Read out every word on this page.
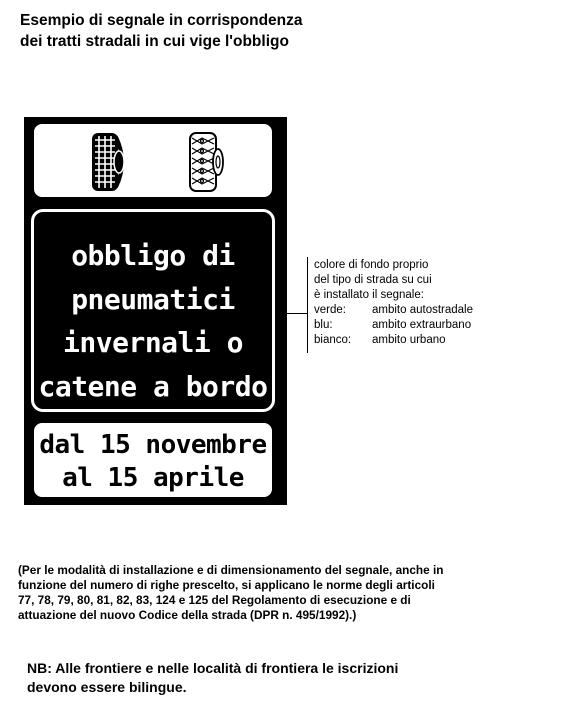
Esempio di segnale in corrispondenza
dei tratti stradali in cui vige l'obbligo
obbligo di
pneumatici
invernali o
catene a bordo
dal 15 novembre
al 15 aprile
colore di fondo proprio
del tipo di strada su cui
è installato il segnale:
verde: ambito autostradale
blu:	ambito extraurbano
bianco: ambito urbano
(Per le modalità di installazione e di dimensionamento del segnale, anche in
funzione del numero di righe prescelto, si applicano le norme degli articoli
77, 78, 79, 80, 81, 82, 83, 124 e 125 del Regolamento di esecuzione e di
attuazione del nuovo Codice della strada (DPR n. 495/1992).)
NB: Alle frontiere e nelle località di frontiera le iscrizioni
devono essere bilingue.
